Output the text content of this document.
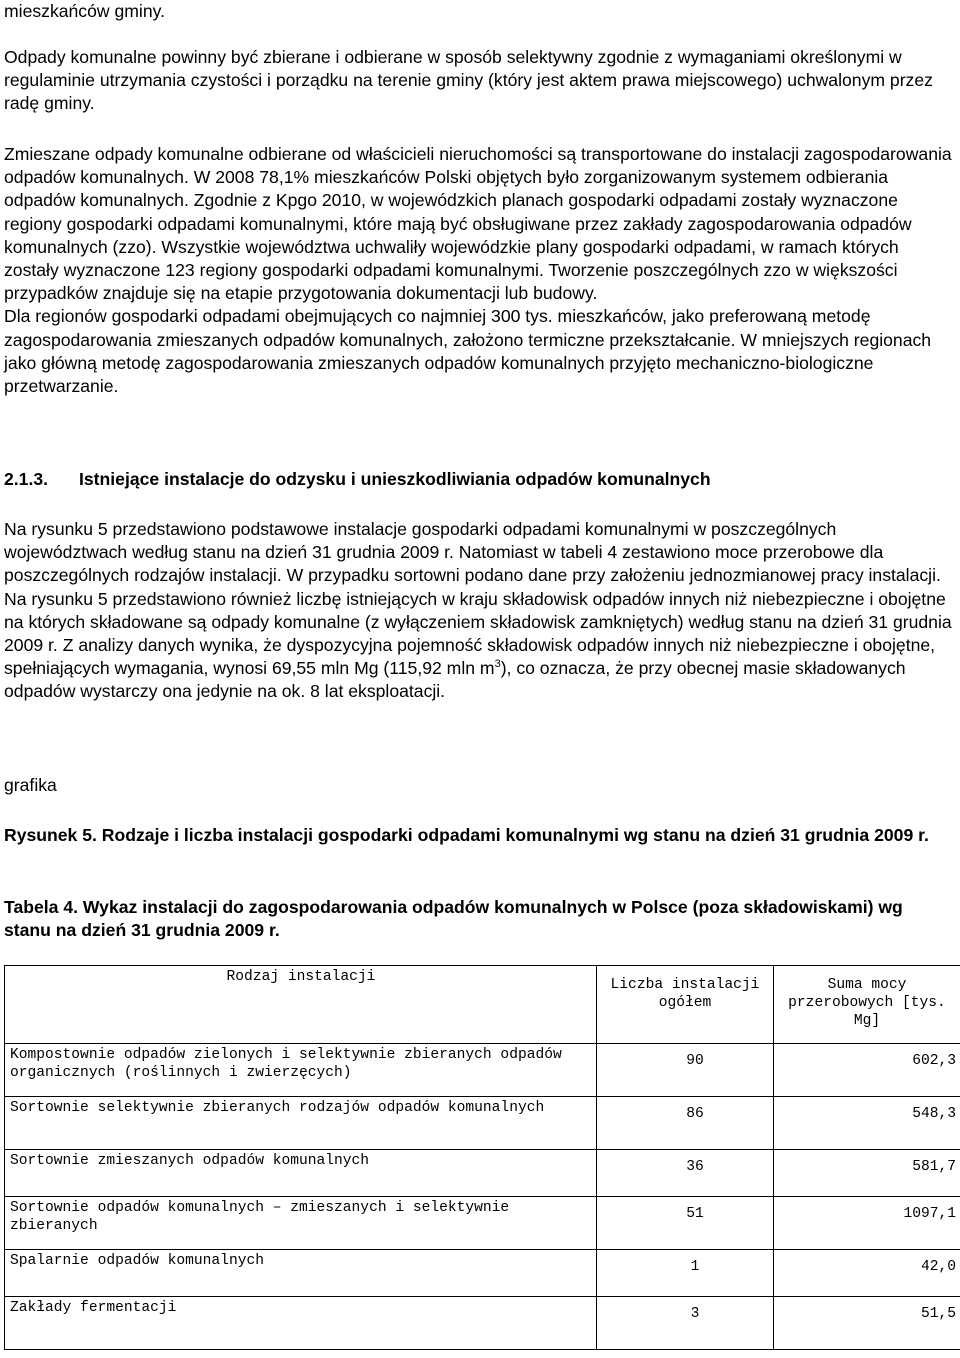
mieszkańców gminy.

Odpady komunalne powinny być zbierane i odbierane w sposób selektywny zgodnie z wymaganiami określonymi w regulaminie utrzymania czystości i porządku na terenie gminy (który jest aktem prawa miejscowego) uchwalonym przez radę gminy.

Zmieszane odpady komunalne odbierane od właścicieli nieruchomości są transportowane do instalacji zagospodarowania odpadów komunalnych. W 2008 78,1% mieszkańców Polski objętych było zorganizowanym systemem odbierania odpadów komunalnych. Zgodnie z Kpgo 2010, w wojewódzkich planach gospodarki odpadami zostały wyznaczone regiony gospodarki odpadami komunalnymi, które mają być obsługiwane przez zakłady zagospodarowania odpadów komunalnych (zzo). Wszystkie województwa uchwaliły wojewódzkie plany gospodarki odpadami, w ramach których zostały wyznaczone 123 regiony gospodarki odpadami komunalnymi. Tworzenie poszczególnych zzo w większości przypadków znajduje się na etapie przygotowania dokumentacji lub budowy.

Dla regionów gospodarki odpadami obejmujących co najmniej 300 tys. mieszkańców, jako preferowaną metodę zagospodarowania zmieszanych odpadów komunalnych, założono termiczne przekształcanie. W mniejszych regionach jako główną metodę zagospodarowania zmieszanych odpadów komunalnych przyjęto mechaniczno-biologiczne przetwarzanie.

2.1.3. Istniejące instalacje do odzysku i unieszkodliwiania odpadów komunalnych

Na rysunku 5 przedstawiono podstawowe instalacje gospodarki odpadami komunalnymi w poszczególnych województwach według stanu na dzień 31 grudnia 2009 r. Natomiast w tabeli 4 zestawiono moce przerobowe dla poszczególnych rodzajów instalacji. W przypadku sortowni podano dane przy założeniu jednozmianowej pracy instalacji.

Na rysunku 5 przedstawiono również liczbę istniejących w kraju składowisk odpadów innych niż niebezpieczne i obojętne na których składowane są odpady komunalne (z wyłączeniem składowisk zamkniętych) według stanu na dzień 31 grudnia 2009 r. Z analizy danych wynika, że dyspozycyjna pojemność składowisk odpadów innych niż niebezpieczne i obojętne, spełniających wymagania, wynosi 69,55 mln Mg (115,92 mln $m^3$), co oznacza, że przy obecnej masie składowanych odpadów wystarczy ona jedynie na ok. 8 lat eksploatacji.

grafika

Rysunek 5. Rodzaje i liczba instalacji gospodarki odpadami komunalnymi wg stanu na dzień 31 grudnia 2009 r.

Tabela 4. Wykaz instalacji do zagospodarowania odpadów komunalnych w Polsce (poza składowiskami) wg stanu na dzień 31 grudnia 2009 r.

Rodzaj instalacji	Liczba instalacji ogółem	Suma mocy przerobowych [tys. Mg]
Kompostownie odpadów zielonych i selektywnie zbieranych odpadów organicznych (roślinnych i zwierzęcych)	90	602,3
Sortownie selektywnie zbieranych rodzajów odpadów komunalnych	86	548,3
Sortownie zmieszanych odpadów komunalnych	36	581,7
Sortownie odpadów komunalnych – zmieszanych i selektywnie zbieranych	51	1097,1
Spalarnie odpadów komunalnych	1	42,0
Zakłady fermentacji	3	51,5
